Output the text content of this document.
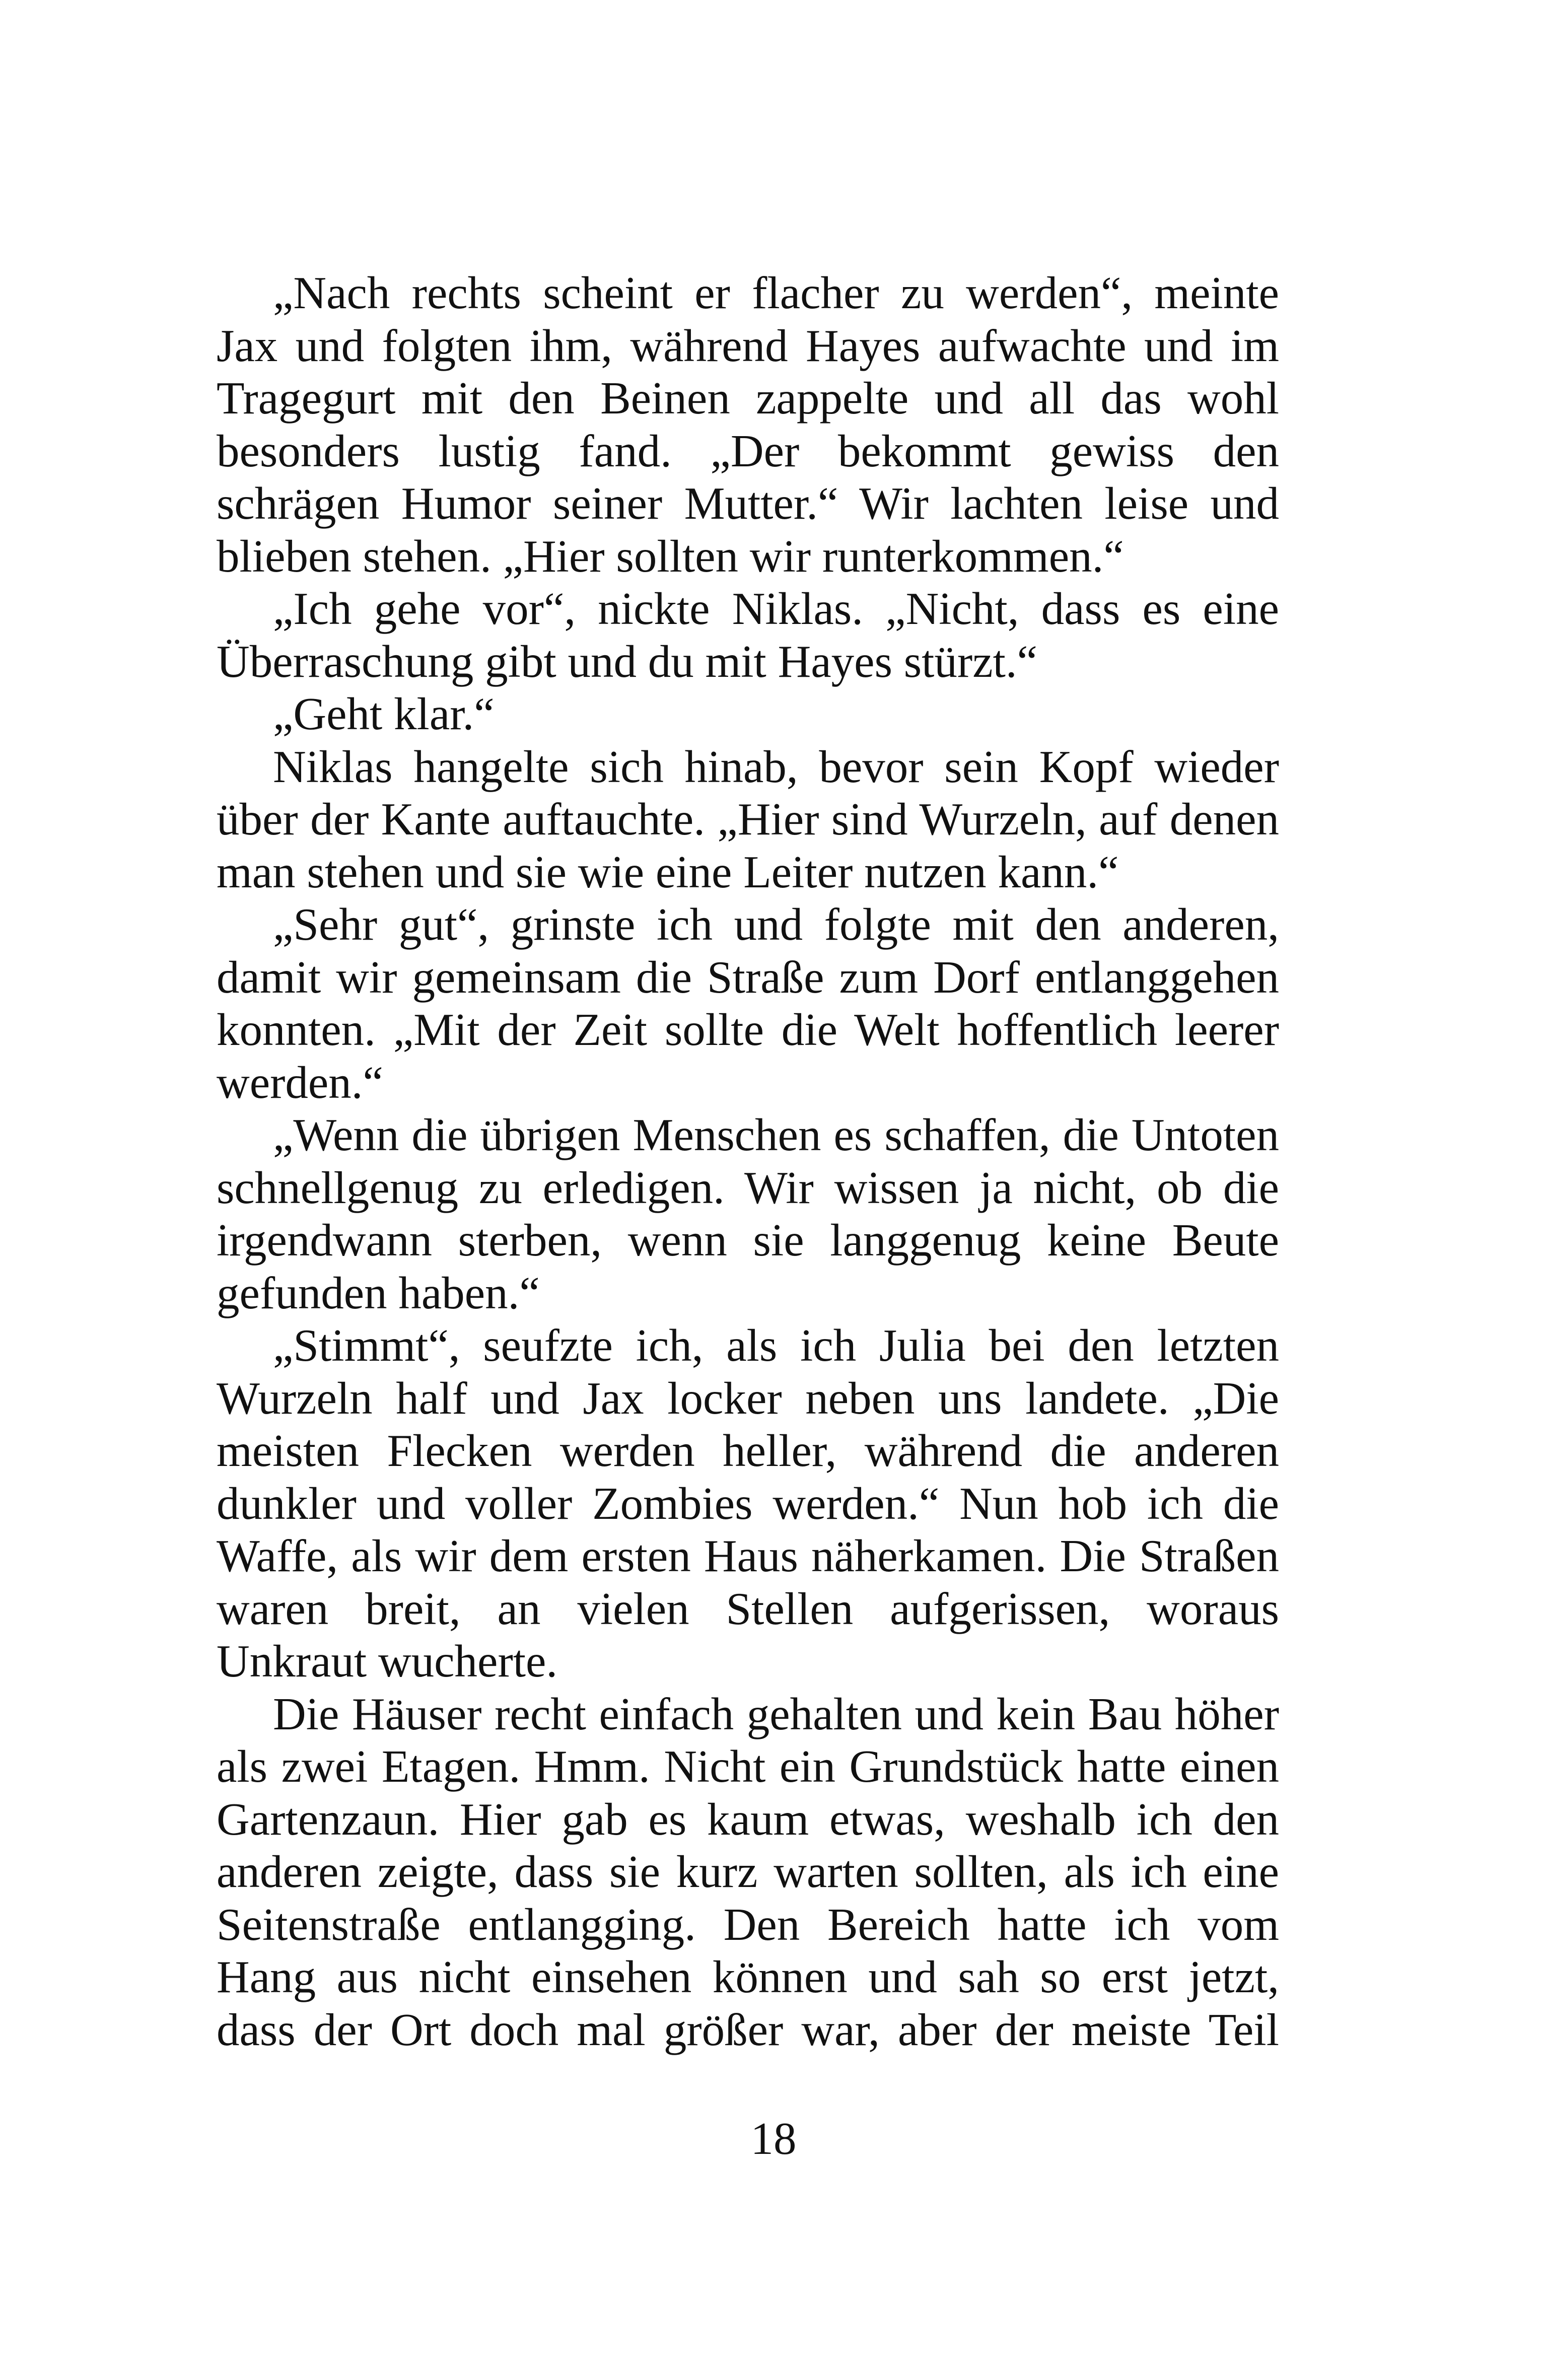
„Nach rechts scheint er flacher zu werden“, meinte
Jax und folgten ihm, während Hayes aufwachte und im
Tragegurt mit den Beinen zappelte und all das wohl
besonders lustig fand. „Der bekommt gewiss den
schrägen Humor seiner Mutter.“ Wir lachten leise und
blieben stehen. „Hier sollten wir runterkommen.“
„Ich gehe vor“, nickte Niklas. „Nicht, dass es eine
Überraschung gibt und du mit Hayes stürzt.“
„Geht klar.“
Niklas hangelte sich hinab, bevor sein Kopf wieder
über der Kante auftauchte. „Hier sind Wurzeln, auf denen
man stehen und sie wie eine Leiter nutzen kann.“
„Sehr gut“, grinste ich und folgte mit den anderen,
damit wir gemeinsam die Straße zum Dorf entlanggehen
konnten. „Mit der Zeit sollte die Welt hoffentlich leerer
werden.“
„Wenn die übrigen Menschen es schaffen, die Untoten
schnellgenug zu erledigen. Wir wissen ja nicht, ob die
irgendwann sterben, wenn sie langgenug keine Beute
gefunden haben.“
„Stimmt“, seufzte ich, als ich Julia bei den letzten
Wurzeln half und Jax locker neben uns landete. „Die
meisten Flecken werden heller, während die anderen
dunkler und voller Zombies werden.“ Nun hob ich die
Waffe, als wir dem ersten Haus näherkamen. Die Straßen
waren breit, an vielen Stellen aufgerissen, woraus
Unkraut wucherte.
Die Häuser recht einfach gehalten und kein Bau höher
als zwei Etagen. Hmm. Nicht ein Grundstück hatte einen
Gartenzaun. Hier gab es kaum etwas, weshalb ich den
anderen zeigte, dass sie kurz warten sollten, als ich eine
Seitenstraße entlangging. Den Bereich hatte ich vom
Hang aus nicht einsehen können und sah so erst jetzt,
dass der Ort doch mal größer war, aber der meiste Teil
18
